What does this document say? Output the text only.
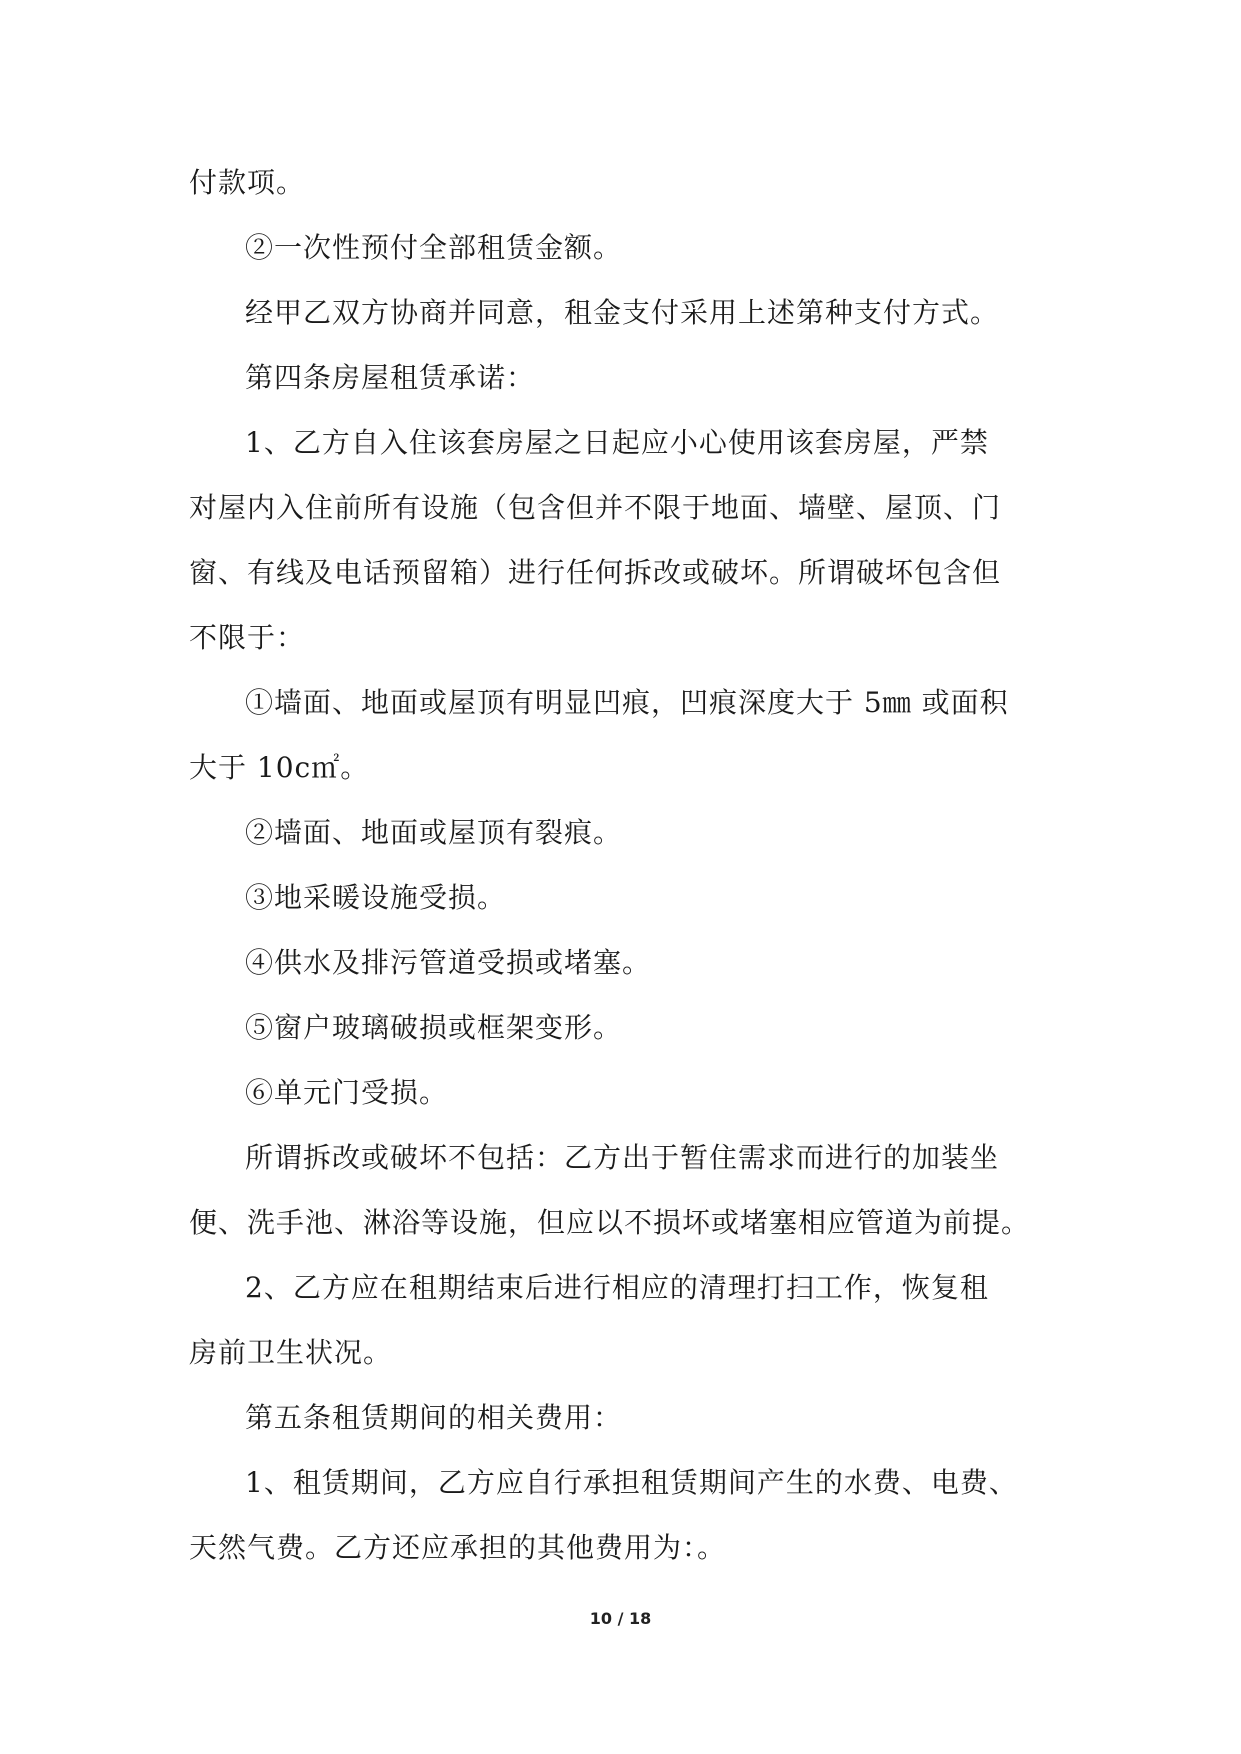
付款项。
②一次性预付全部租赁金额。
经甲乙双方协商并同意，租金支付采用上述第种支付方式。
第四条房屋租赁承诺：
1、乙方自入住该套房屋之日起应小心使用该套房屋，严禁
对屋内入住前所有设施（包含但并不限于地面、墙壁、屋顶、门
窗、有线及电话预留箱）进行任何拆改或破坏。所谓破坏包含但
不限于：
①墙面、地面或屋顶有明显凹痕，凹痕深度大于 5㎜ 或面积
大于 10c㎡。
②墙面、地面或屋顶有裂痕。
③地采暖设施受损。
④供水及排污管道受损或堵塞。
⑤窗户玻璃破损或框架变形。
⑥单元门受损。
所谓拆改或破坏不包括：乙方出于暂住需求而进行的加装坐
便、洗手池、淋浴等设施，但应以不损坏或堵塞相应管道为前提。
2、乙方应在租期结束后进行相应的清理打扫工作，恢复租
房前卫生状况。
第五条租赁期间的相关费用：
1、租赁期间，乙方应自行承担租赁期间产生的水费、电费、
天然气费。乙方还应承担的其他费用为：。
10 / 18
